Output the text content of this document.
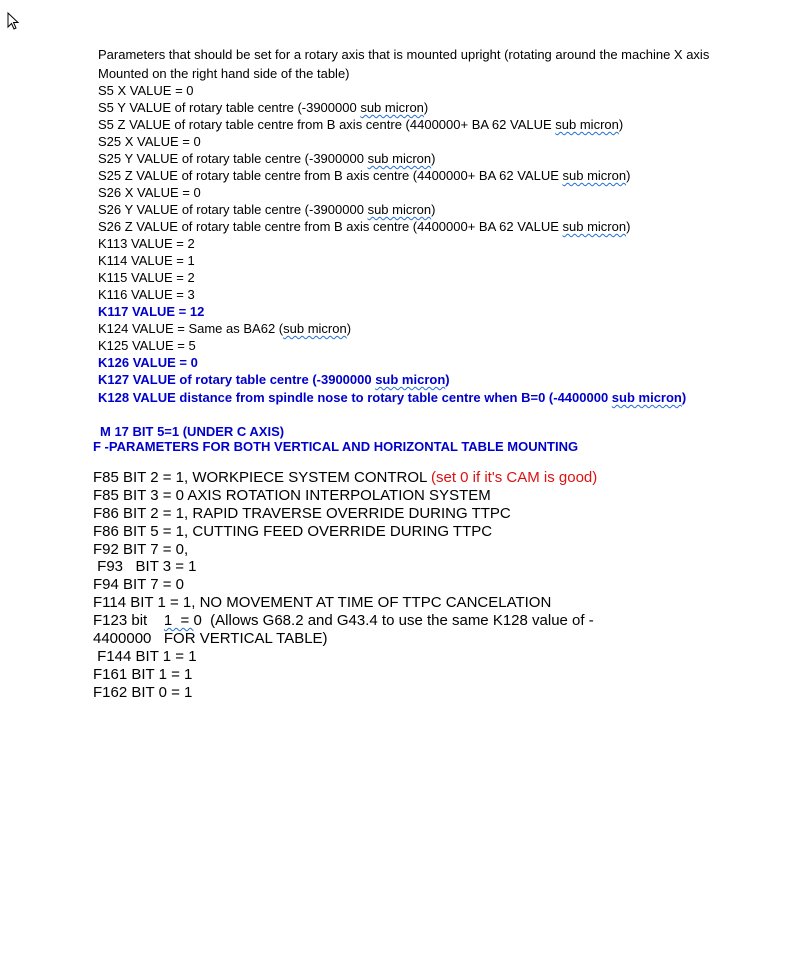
Parameters that should be set for a rotary axis that is mounted upright (rotating around the machine X axis
Mounted on the right hand side of the table)
S5 X VALUE = 0
S5 Y VALUE of rotary table centre (-3900000 sub micron)
S5 Z VALUE of rotary table centre from B axis centre (4400000+ BA 62 VALUE sub micron)
S25 X VALUE = 0
S25 Y VALUE of rotary table centre (-3900000 sub micron)
S25 Z VALUE of rotary table centre from B axis centre (4400000+ BA 62 VALUE sub micron)
S26 X VALUE = 0
S26 Y VALUE of rotary table centre (-3900000 sub micron)
S26 Z VALUE of rotary table centre from B axis centre (4400000+ BA 62 VALUE sub micron)
K113 VALUE = 2
K114 VALUE = 1
K115 VALUE = 2
K116 VALUE = 3
K117 VALUE = 12
K124 VALUE = Same as BA62 (sub micron)
K125 VALUE = 5
K126 VALUE = 0
K127 VALUE of rotary table centre (-3900000 sub micron)
K128 VALUE distance from spindle nose to rotary table centre when B=0 (-4400000 sub micron)
M 17 BIT 5=1 (UNDER C AXIS)
F -PARAMETERS FOR BOTH VERTICAL AND HORIZONTAL TABLE MOUNTING
F85 BIT 2 = 1, WORKPIECE SYSTEM CONTROL (set 0 if it's CAM is good)
F85 BIT 3 = 0 AXIS ROTATION INTERPOLATION SYSTEM
F86 BIT 2 = 1, RAPID TRAVERSE OVERRIDE DURING TTPC
F86 BIT 5 = 1, CUTTING FEED OVERRIDE DURING TTPC
F92 BIT 7 = 0,
F93   BIT 3 = 1
F94 BIT 7 = 0
F114 BIT 1 = 1, NO MOVEMENT AT TIME OF TTPC CANCELATION
F123 bit    1  = 0  (Allows G68.2 and G43.4 to use the same K128 value of -
4400000   FOR VERTICAL TABLE)
F144 BIT 1 = 1
F161 BIT 1 = 1
F162 BIT 0 = 1
